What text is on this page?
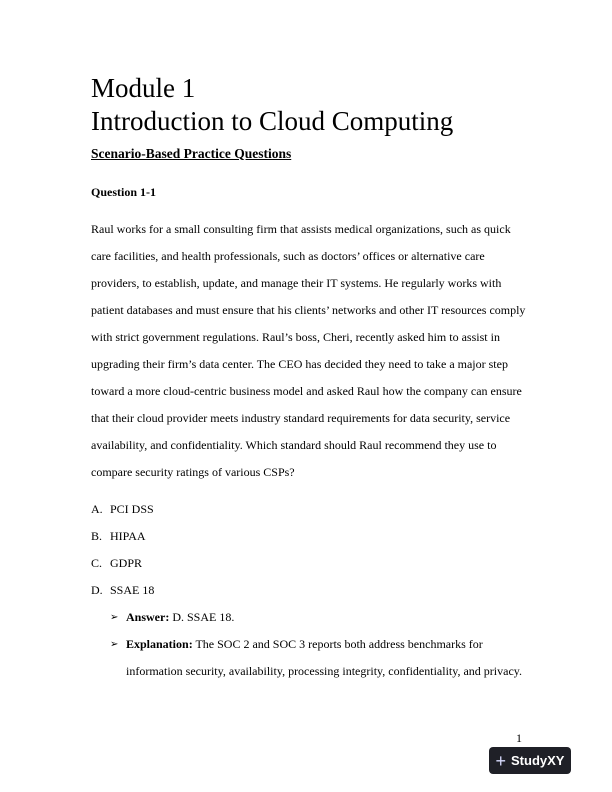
Module 1
Introduction to Cloud Computing
Scenario-Based Practice Questions
Question 1-1

Raul works for a small consulting firm that assists medical organizations, such as quick care facilities, and health professionals, such as doctors’ offices or alternative care providers, to establish, update, and manage their IT systems. He regularly works with patient databases and must ensure that his clients’ networks and other IT resources comply with strict government regulations. Raul’s boss, Cheri, recently asked him to assist in upgrading their firm’s data center. The CEO has decided they need to take a major step toward a more cloud-centric business model and asked Raul how the company can ensure that their cloud provider meets industry standard requirements for data security, service availability, and confidentiality. Which standard should Raul recommend they use to compare security ratings of various CSPs?

A. PCI DSS
B. HIPAA
C. GDPR
D. SSAE 18
➢ Answer: D. SSAE 18.
➢ Explanation: The SOC 2 and SOC 3 reports both address benchmarks for information security, availability, processing integrity, confidentiality, and privacy.
1
+ StudyXY
